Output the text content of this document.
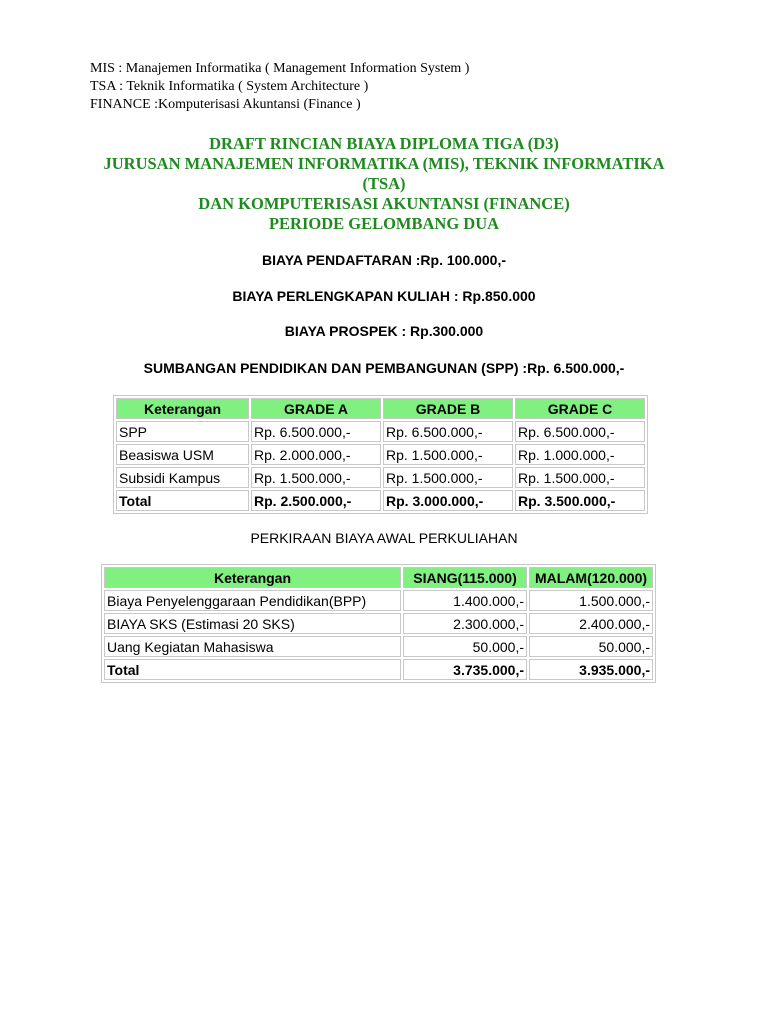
MIS : Manajemen Informatika ( Management Information System )
TSA : Teknik Informatika ( System Architecture )
FINANCE :Komputerisasi Akuntansi (Finance )
DRAFT RINCIAN BIAYA DIPLOMA TIGA (D3)
JURUSAN MANAJEMEN INFORMATIKA (MIS), TEKNIK INFORMATIKA
(TSA)
DAN KOMPUTERISASI AKUNTANSI (FINANCE)
PERIODE GELOMBANG DUA
BIAYA PENDAFTARAN :Rp. 100.000,-
BIAYA PERLENGKAPAN KULIAH : Rp.850.000
BIAYA PROSPEK : Rp.300.000
SUMBANGAN PENDIDIKAN DAN PEMBANGUNAN (SPP) :Rp. 6.500.000,-
Keterangan	GRADE A	GRADE B	GRADE C
SPP	Rp. 6.500.000,-	Rp. 6.500.000,-	Rp. 6.500.000,-
Beasiswa USM	Rp. 2.000.000,-	Rp. 1.500.000,-	Rp. 1.000.000,-
Subsidi Kampus	Rp. 1.500.000,-	Rp. 1.500.000,-	Rp. 1.500.000,-
Total	Rp. 2.500.000,-	Rp. 3.000.000,-	Rp. 3.500.000,-
PERKIRAAN BIAYA AWAL PERKULIAHAN
Keterangan	SIANG(115.000)	MALAM(120.000)
Biaya Penyelenggaraan Pendidikan(BPP)	1.400.000,-	1.500.000,-
BIAYA SKS (Estimasi 20 SKS)	2.300.000,-	2.400.000,-
Uang Kegiatan Mahasiswa	50.000,-	50.000,-
Total	3.735.000,-	3.935.000,-
